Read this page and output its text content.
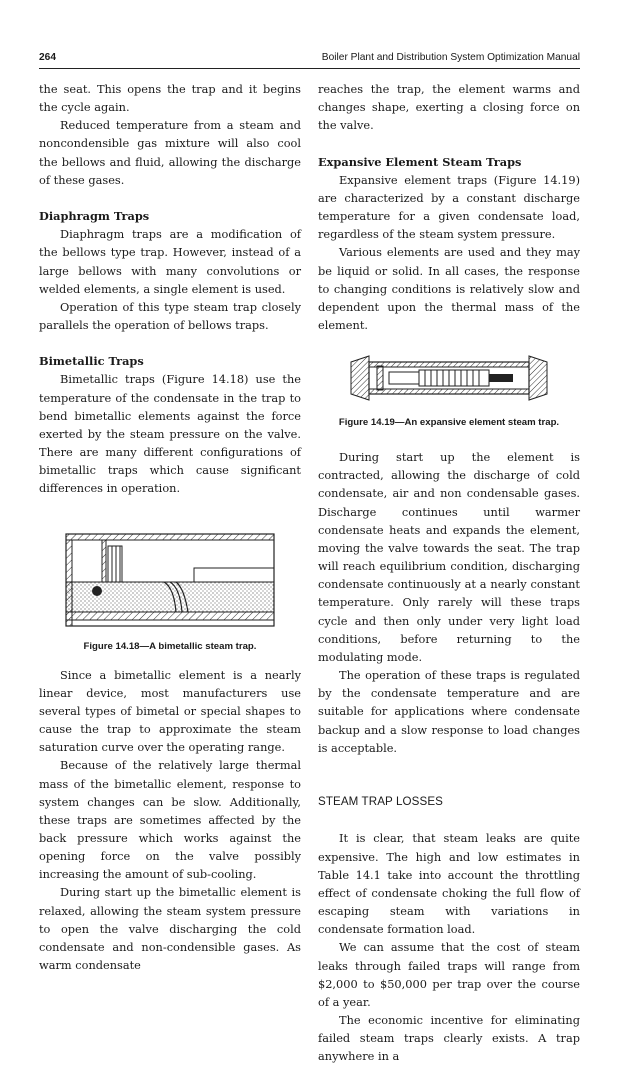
264	Boiler Plant and Distribution System Optimization Manual

the seat. This opens the trap and it begins the cycle again.

Reduced temperature from a steam and noncondensible gas mixture will also cool the bellows and fluid, allowing the discharge of these gases.

Diaphragm Traps

Diaphragm traps are a modification of the bellows type trap. However, instead of a large bellows with many convolutions or welded elements, a single element is used.

Operation of this type steam trap closely parallels the operation of bellows traps.

Bimetallic Traps

Bimetallic traps (Figure 14.18) use the temperature of the condensate in the trap to bend bimetallic elements against the force exerted by the steam pressure on the valve. There are many different configurations of bimetallic traps which cause significant differences in operation.

Figure 14.18—A bimetallic steam trap.

Since a bimetallic element is a nearly linear device, most manufacturers use several types of bimetal or special shapes to cause the trap to approximate the steam saturation curve over the operating range.

Because of the relatively large thermal mass of the bimetallic element, response to system changes can be slow. Additionally, these traps are sometimes affected by the back pressure which works against the opening force on the valve possibly increasing the amount of sub-cooling.

During start up the bimetallic element is relaxed, allowing the steam system pressure to open the valve discharging the cold condensate and non-condensible gases. As warm condensate

reaches the trap, the element warms and changes shape, exerting a closing force on the valve.

Expansive Element Steam Traps

Expansive element traps (Figure 14.19) are characterized by a constant discharge temperature for a given condensate load, regardless of the steam system pressure.

Various elements are used and they may be liquid or solid. In all cases, the response to changing conditions is relatively slow and dependent upon the thermal mass of the element.

Figure 14.19—An expansive element steam trap.

During start up the element is contracted, allowing the discharge of cold condensate, air and non condensable gases. Discharge continues until warmer condensate heats and expands the element, moving the valve towards the seat. The trap will reach equilibrium condition, discharging condensate continuously at a nearly constant temperature. Only rarely will these traps cycle and then only under very light load conditions, before returning to the modulating mode.

The operation of these traps is regulated by the condensate temperature and are suitable for applications where condensate backup and a slow response to load changes is acceptable.

STEAM TRAP LOSSES

It is clear, that steam leaks are quite expensive. The high and low estimates in Table 14.1 take into account the throttling effect of condensate choking the full flow of escaping steam with variations in condensate formation load.

We can assume that the cost of steam leaks through failed traps will range from $2,000 to $50,000 per trap over the course of a year.

The economic incentive for eliminating failed steam traps clearly exists. A trap anywhere in a
